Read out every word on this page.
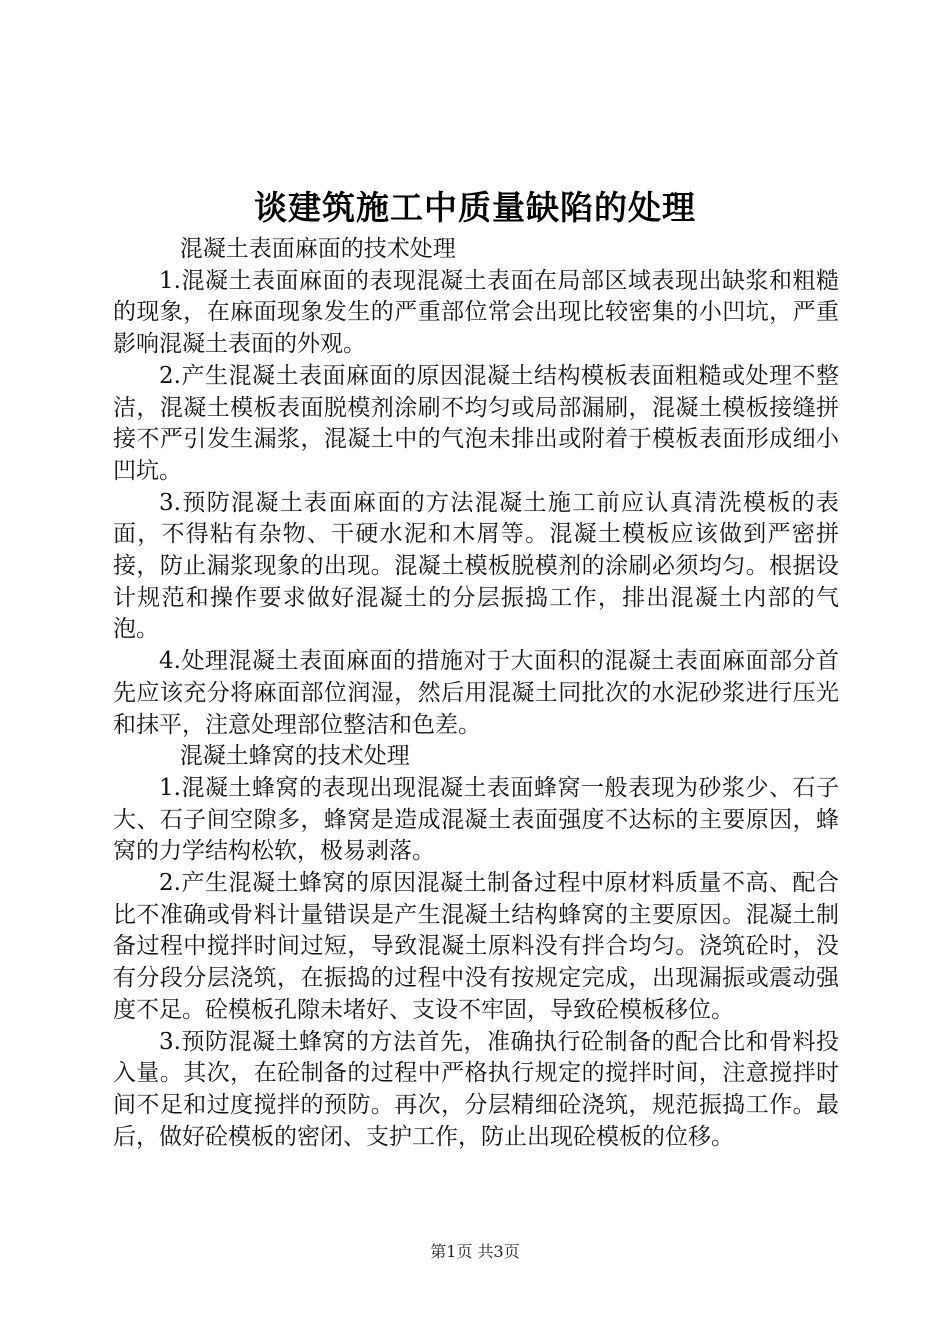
谈建筑施工中质量缺陷的处理

混凝土表面麻面的技术处理

1.混凝土表面麻面的表现混凝土表面在局部区域表现出缺浆和粗糙的现象，在麻面现象发生的严重部位常会出现比较密集的小凹坑，严重影响混凝土表面的外观。

2.产生混凝土表面麻面的原因混凝土结构模板表面粗糙或处理不整洁，混凝土模板表面脱模剂涂刷不均匀或局部漏刷，混凝土模板接缝拼接不严引发生漏浆，混凝土中的气泡未排出或附着于模板表面形成细小凹坑。

3.预防混凝土表面麻面的方法混凝土施工前应认真清洗模板的表面，不得粘有杂物、干硬水泥和木屑等。混凝土模板应该做到严密拼接，防止漏浆现象的出现。混凝土模板脱模剂的涂刷必须均匀。根据设计规范和操作要求做好混凝土的分层振捣工作，排出混凝土内部的气泡。

4.处理混凝土表面麻面的措施对于大面积的混凝土表面麻面部分首先应该充分将麻面部位润湿，然后用混凝土同批次的水泥砂浆进行压光和抹平，注意处理部位整洁和色差。

混凝土蜂窝的技术处理

1.混凝土蜂窝的表现出现混凝土表面蜂窝一般表现为砂浆少、石子大、石子间空隙多，蜂窝是造成混凝土表面强度不达标的主要原因，蜂窝的力学结构松软，极易剥落。

2.产生混凝土蜂窝的原因混凝土制备过程中原材料质量不高、配合比不准确或骨料计量错误是产生混凝土结构蜂窝的主要原因。混凝土制备过程中搅拌时间过短，导致混凝土原料没有拌合均匀。浇筑砼时，没有分段分层浇筑，在振捣的过程中没有按规定完成，出现漏振或震动强度不足。砼模板孔隙未堵好、支设不牢固，导致砼模板移位。

3.预防混凝土蜂窝的方法首先，准确执行砼制备的配合比和骨料投入量。其次，在砼制备的过程中严格执行规定的搅拌时间，注意搅拌时间不足和过度搅拌的预防。再次，分层精细砼浇筑，规范振捣工作。最后，做好砼模板的密闭、支护工作，防止出现砼模板的位移。

第1页 共3页
